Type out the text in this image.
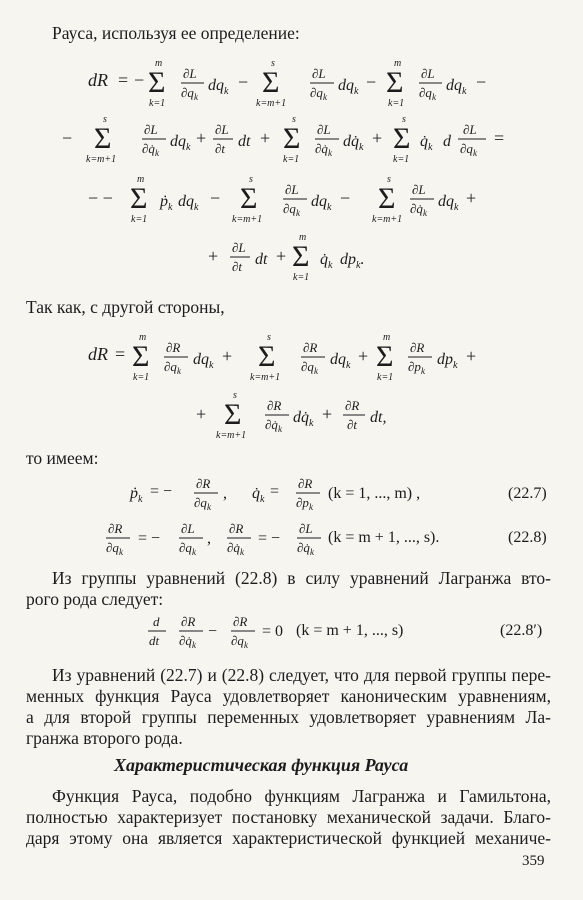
Рауса, используя ее определение:
dR = − Σ
m
k=1
∂L
$\partial q_k$
$dq_k - \Sigma$
s
k=m+1
∂L
$\partial q_k$
$dq_k - \Sigma$
m
k=1
∂L
$\partial q_k$
$dq_k$ −
− Σ
s
k=m+1
∂L
$\partial q̇_k$
$dq_k + \partial L$
∂t dt + Σ
s
k=1
∂L
$\partial q̇_k$
$dq̇_k + \Sigma$
s
k=1
$q̇_k$ d
∂L
$\partial q_k$
=
− − Σ
m
k=1
ṗ$_k$ $dq_k - \Sigma$
s
k=m+1
∂L
$\partial q_k$
$dq_k - \Sigma$
s
k=m+1
∂L
$\partial q̇_k$
$dq_k$ +
+ ∂L
∂t dt + Σ
m
k=1
$q̇_k$ $dp_k$.
Так как, с другой стороны,
dR = Σ
m
k=1
∂R
$\partial q_k$
$dq_k + \Sigma$
s
k=m+1
∂R
$\partial q_k$
$dq_k + \Sigma$
m
k=1
∂R
$\partial p_k$
$dp_k$ +
+ Σ
s
k=m+1
∂R
$\partial q̇_k$
$dq̇_k + \partial R$
∂t dt,
то имеем:
ṗ$_k$ = − ∂R
$\partial q_k$
, $q̇_k = \partial R$
$\partial p_k$
(k = 1, ..., m) ,	(22.7)
∂R
$\partial q_k$
= −
∂L
$\partial q_k$
,
∂R
$\partial q̇_k$
= −
∂L
$\partial q̇_k$
(k = m + 1, ..., s).	(22.8)
Из группы уравнений (22.8) в силу уравнений Лагранжа вто-
рого рода следует:
d
dt
∂R
$\partial q̇_k$
−
∂R
$\partial q_k$
= 0 (k = m + 1, ..., s)	(22.8′)
Из уравнений (22.7) и (22.8) следует, что для первой группы пере-
менных функция Рауса удовлетворяет каноническим уравнениям,
а для второй группы переменных удовлетворяет уравнениям Ла-
гранжа второго рода.
Характеристическая функция Рауса
Функция Рауса, подобно функциям Лагранжа и Гамильтона,
полностью характеризует постановку механической задачи. Благо-
даря этому она является характеристической функцией механиче-
359
